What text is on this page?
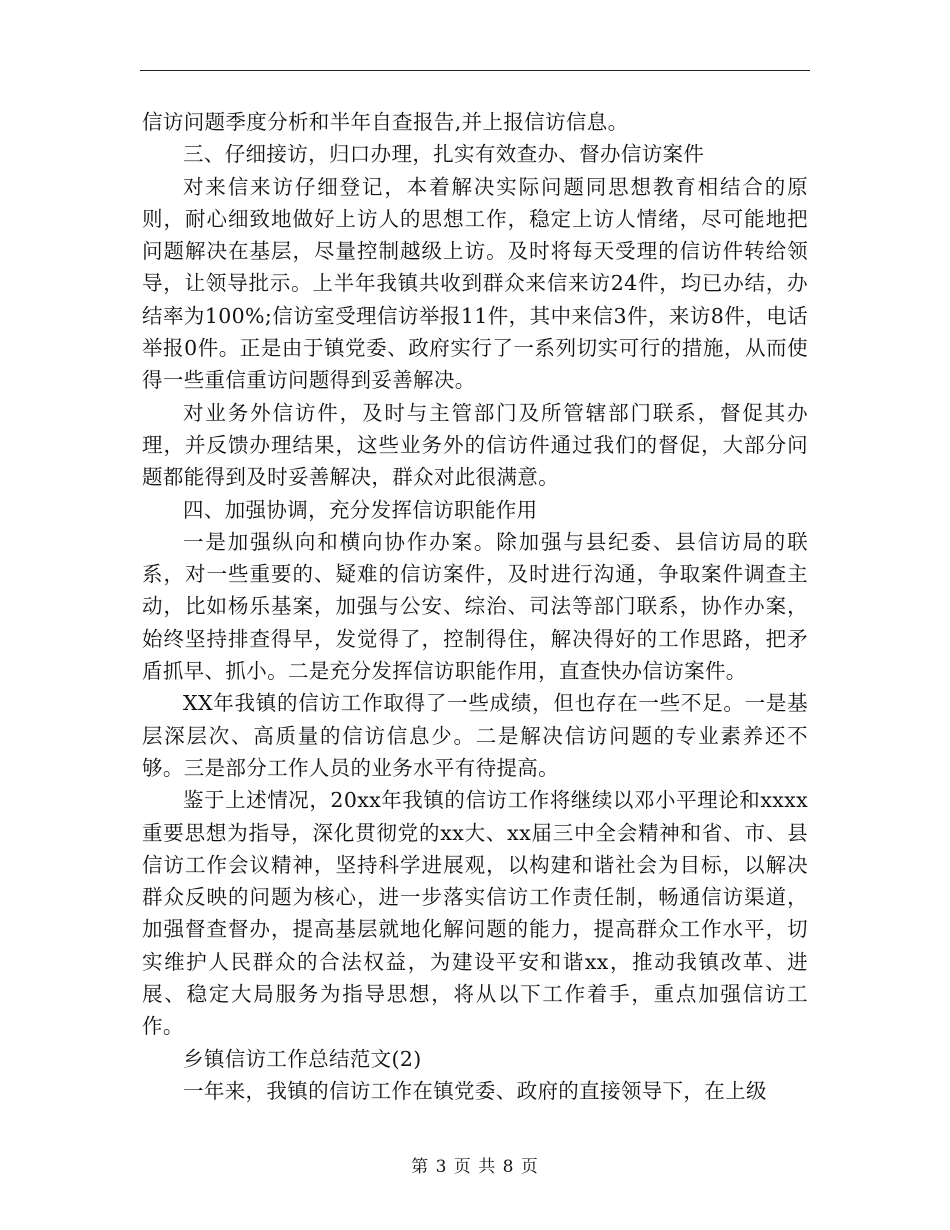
信访问题季度分析和半年自查报告,并上报信访信息。

三、仔细接访，归口办理，扎实有效查办、督办信访案件

对来信来访仔细登记，本着解决实际问题同思想教育相结合的原则，耐心细致地做好上访人的思想工作，稳定上访人情绪，尽可能地把问题解决在基层，尽量控制越级上访。及时将每天受理的信访件转给领导，让领导批示。上半年我镇共收到群众来信来访24件，均已办结，办结率为100%;信访室受理信访举报11件，其中来信3件，来访8件，电话举报0件。正是由于镇党委、政府实行了一系列切实可行的措施，从而使得一些重信重访问题得到妥善解决。

对业务外信访件，及时与主管部门及所管辖部门联系，督促其办理，并反馈办理结果，这些业务外的信访件通过我们的督促，大部分问题都能得到及时妥善解决，群众对此很满意。

四、加强协调，充分发挥信访职能作用

一是加强纵向和横向协作办案。除加强与县纪委、县信访局的联系，对一些重要的、疑难的信访案件，及时进行沟通，争取案件调查主动，比如杨乐基案，加强与公安、综治、司法等部门联系，协作办案，始终坚持排查得早，发觉得了，控制得住，解决得好的工作思路，把矛盾抓早、抓小。二是充分发挥信访职能作用，直查快办信访案件。

XX年我镇的信访工作取得了一些成绩，但也存在一些不足。一是基层深层次、高质量的信访信息少。二是解决信访问题的专业素养还不够。三是部分工作人员的业务水平有待提高。

鉴于上述情况，20xx年我镇的信访工作将继续以邓小平理论和xxxx重要思想为指导，深化贯彻党的xx大、xx届三中全会精神和省、市、县信访工作会议精神，坚持科学进展观，以构建和谐社会为目标，以解决群众反映的问题为核心，进一步落实信访工作责任制，畅通信访渠道，加强督查督办，提高基层就地化解问题的能力，提高群众工作水平，切实维护人民群众的合法权益，为建设平安和谐xx，推动我镇改革、进展、稳定大局服务为指导思想，将从以下工作着手，重点加强信访工作。

乡镇信访工作总结范文(2)

一年来，我镇的信访工作在镇党委、政府的直接领导下，在上级

第 3 页 共 8 页
